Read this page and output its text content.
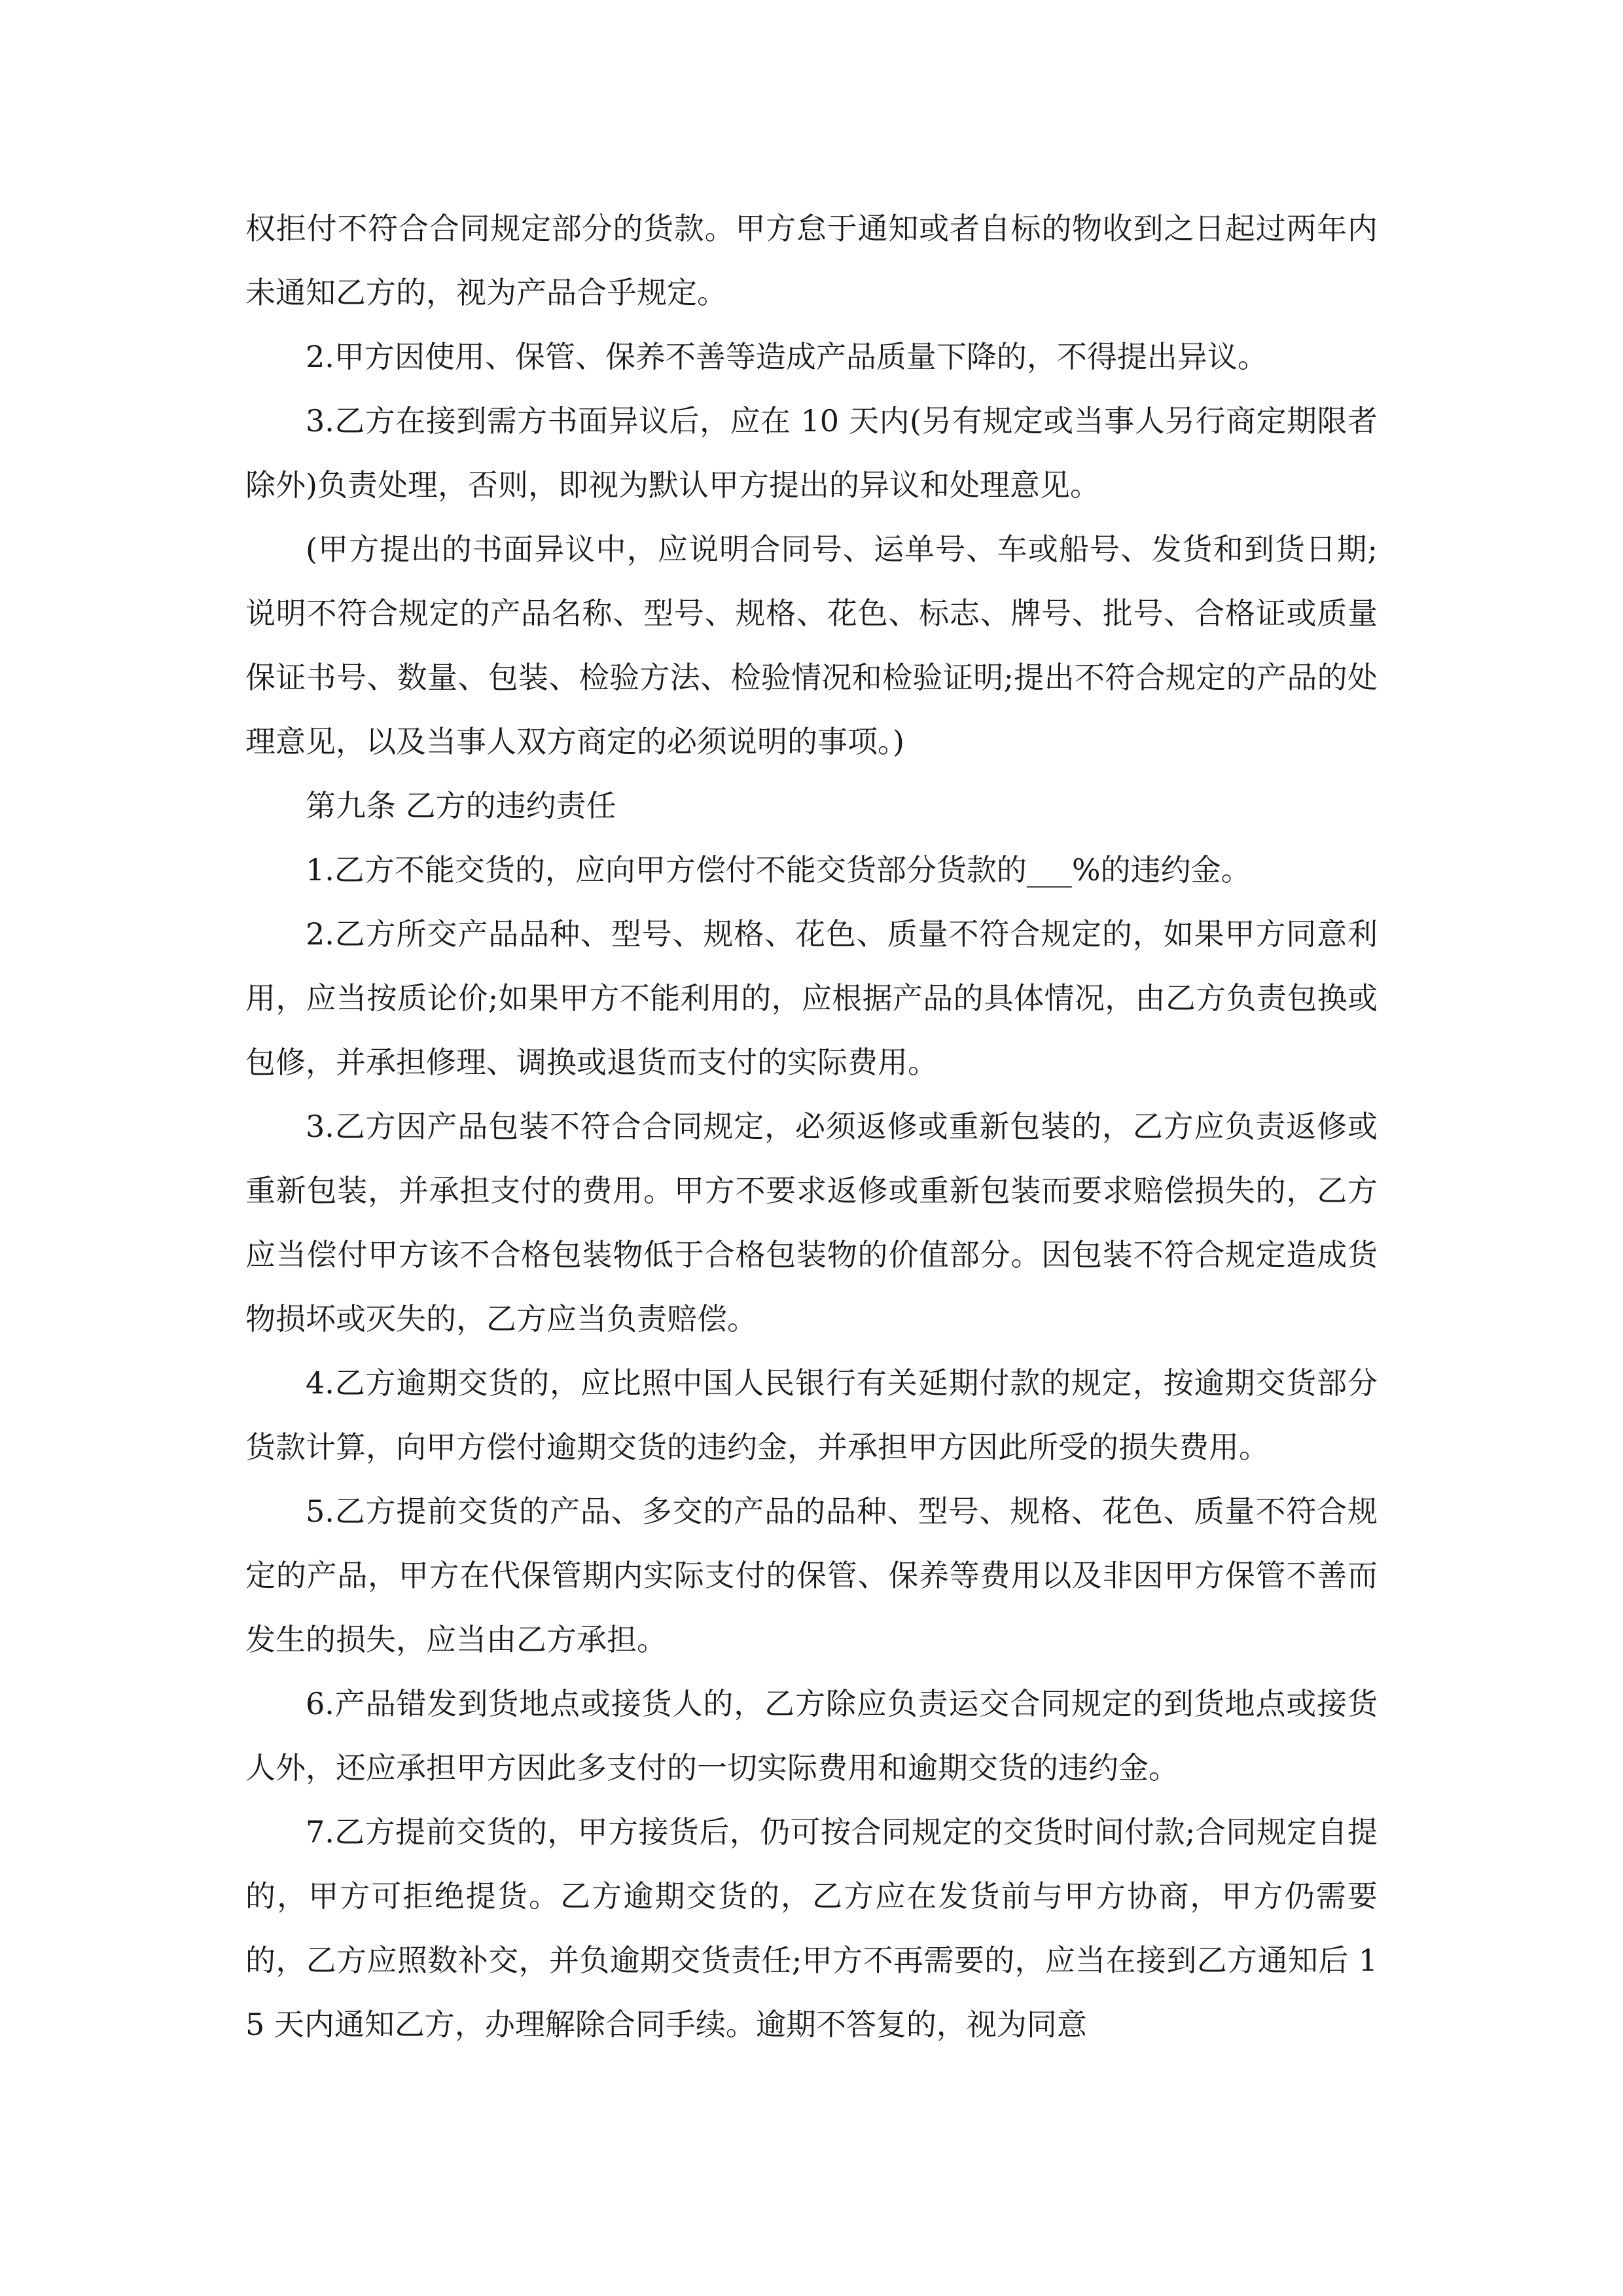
权拒付不符合合同规定部分的货款。甲方怠于通知或者自标的物收到之日起过两年内未通知乙方的，视为产品合乎规定。

2.甲方因使用、保管、保养不善等造成产品质量下降的，不得提出异议。

3.乙方在接到需方书面异议后，应在 10 天内(另有规定或当事人另行商定期限者除外)负责处理，否则，即视为默认甲方提出的异议和处理意见。

(甲方提出的书面异议中，应说明合同号、运单号、车或船号、发货和到货日期;说明不符合规定的产品名称、型号、规格、花色、标志、牌号、批号、合格证或质量保证书号、数量、包装、检验方法、检验情况和检验证明;提出不符合规定的产品的处理意见，以及当事人双方商定的必须说明的事项。)

第九条 乙方的违约责任

1.乙方不能交货的，应向甲方偿付不能交货部分货款的___%的违约金。

2.乙方所交产品品种、型号、规格、花色、质量不符合规定的，如果甲方同意利用，应当按质论价;如果甲方不能利用的，应根据产品的具体情况，由乙方负责包换或包修，并承担修理、调换或退货而支付的实际费用。

3.乙方因产品包装不符合合同规定，必须返修或重新包装的，乙方应负责返修或重新包装，并承担支付的费用。甲方不要求返修或重新包装而要求赔偿损失的，乙方应当偿付甲方该不合格包装物低于合格包装物的价值部分。因包装不符合规定造成货物损坏或灭失的，乙方应当负责赔偿。

4.乙方逾期交货的，应比照中国人民银行有关延期付款的规定，按逾期交货部分货款计算，向甲方偿付逾期交货的违约金，并承担甲方因此所受的损失费用。

5.乙方提前交货的产品、多交的产品的品种、型号、规格、花色、质量不符合规定的产品，甲方在代保管期内实际支付的保管、保养等费用以及非因甲方保管不善而发生的损失，应当由乙方承担。

6.产品错发到货地点或接货人的，乙方除应负责运交合同规定的到货地点或接货人外，还应承担甲方因此多支付的一切实际费用和逾期交货的违约金。

7.乙方提前交货的，甲方接货后，仍可按合同规定的交货时间付款;合同规定自提的，甲方可拒绝提货。乙方逾期交货的，乙方应在发货前与甲方协商，甲方仍需要的，乙方应照数补交，并负逾期交货责任;甲方不再需要的，应当在接到乙方通知后 15 天内通知乙方，办理解除合同手续。逾期不答复的，视为同意
